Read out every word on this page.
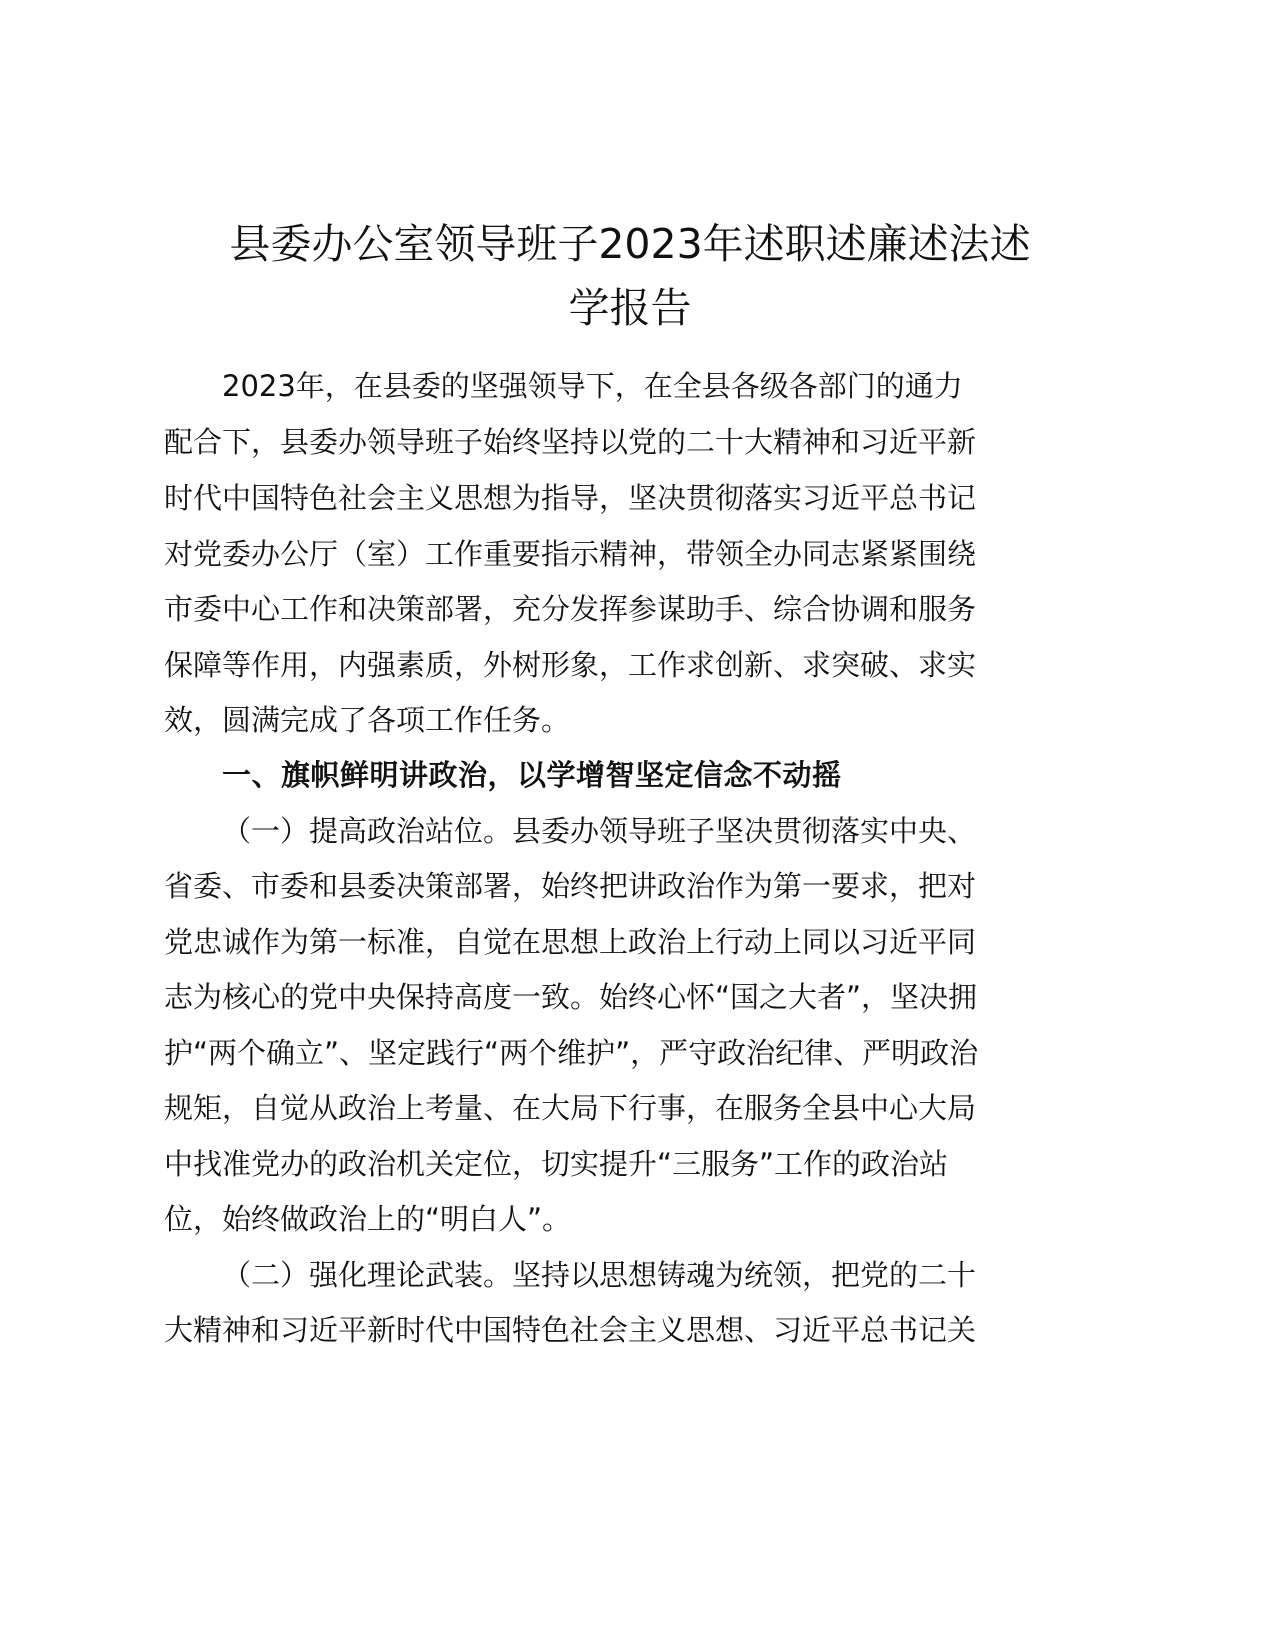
县委办公室领导班子2023年述职述廉述法述
学报告

2023年，在县委的坚强领导下，在全县各级各部门的通力

配合下，县委办领导班子始终坚持以党的二十大精神和习近平新

时代中国特色社会主义思想为指导，坚决贯彻落实习近平总书记

对党委办公厅（室）工作重要指示精神，带领全办同志紧紧围绕

市委中心工作和决策部署，充分发挥参谋助手、综合协调和服务

保障等作用，内强素质，外树形象，工作求创新、求突破、求实

效，圆满完成了各项工作任务。

一、旗帜鲜明讲政治，以学增智坚定信念不动摇

（一）提高政治站位。县委办领导班子坚决贯彻落实中央、

省委、市委和县委决策部署，始终把讲政治作为第一要求，把对

党忠诚作为第一标准，自觉在思想上政治上行动上同以习近平同

志为核心的党中央保持高度一致。始终心怀“国之大者”，坚决拥

护“两个确立”、坚定践行“两个维护”，严守政治纪律、严明政治

规矩，自觉从政治上考量、在大局下行事，在服务全县中心大局

中找准党办的政治机关定位，切实提升“三服务”工作的政治站

位，始终做政治上的“明白人”。

（二）强化理论武装。坚持以思想铸魂为统领，把党的二十

大精神和习近平新时代中国特色社会主义思想、习近平总书记关
